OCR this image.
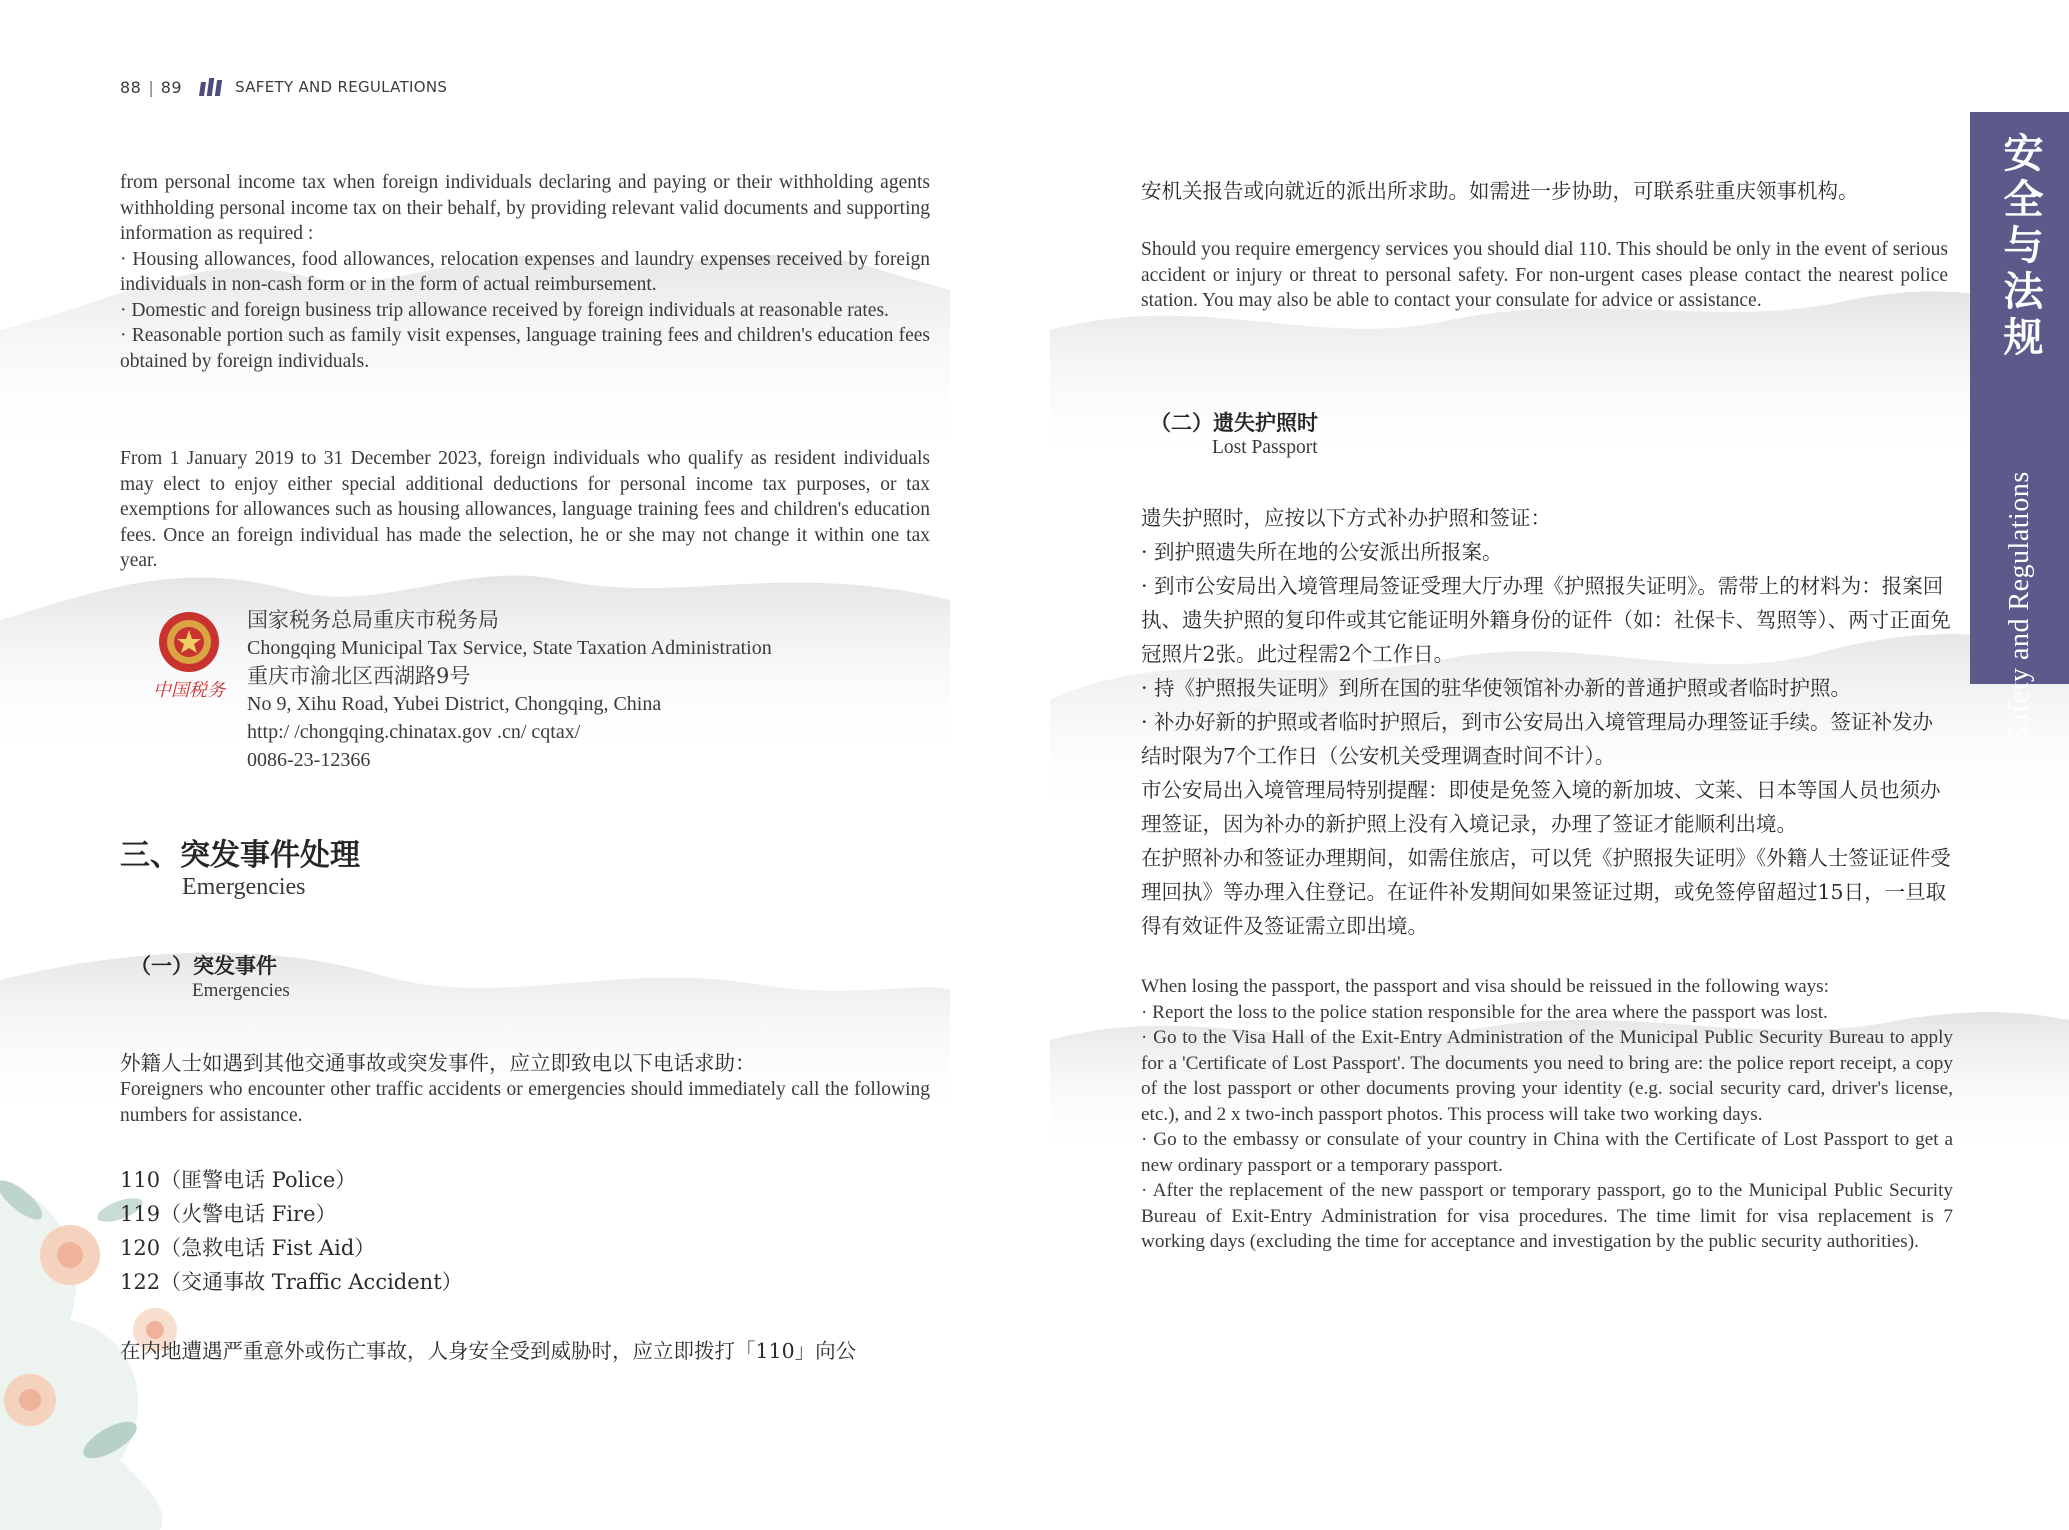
88 | 89	SAFETY AND REGULATIONS

from personal income tax when foreign individuals declaring and paying or their withholding agents withholding personal income tax on their behalf, by providing relevant valid documents and supporting information as required :

· Housing allowances, food allowances, relocation expenses and laundry expenses received by foreign individuals in non-cash form or in the form of actual reimbursement.

· Domestic and foreign business trip allowance received by foreign individuals at reasonable rates.

· Reasonable portion such as family visit expenses, language training fees and children's education fees obtained by foreign individuals.

From 1 January 2019 to 31 December 2023, foreign individuals who qualify as resident individuals may elect to enjoy either special additional deductions for personal income tax purposes, or tax exemptions for allowances such as housing allowances, language training fees and children's education fees. Once an foreign individual has made the selection, he or she may not change it within one tax year.
中国税务
国家税务总局重庆市税务局
Chongqing Municipal Tax Service, State Taxation Administration
重庆市渝北区西湖路9号
No 9, Xihu Road, Yubei District, Chongqing, China
http:/ /chongqing.chinatax.gov .cn/ cqtax/
0086-23-12366
三、突发事件处理
Emergencies
（一）突发事件
Emergencies
外籍人士如遇到其他交通事故或突发事件，应立即致电以下电话求助：
Foreigners who encounter other traffic accidents or emergencies should immediately call the following numbers for assistance.
110（匪警电话 Police）
119（火警电话 Fire）
120（急救电话 Fist Aid）
122（交通事故 Traffic Accident）
在内地遭遇严重意外或伤亡事故，人身安全受到威胁时，应立即拨打「110」向公
安机关报告或向就近的派出所求助。如需进一步协助，可联系驻重庆领事机构。
Should you require emergency services you should dial 110. This should be only in the event of serious accident or injury or threat to personal safety. For non-urgent cases please contact the nearest police station. You may also be able to contact your consulate for advice or assistance.
（二）遗失护照时
Lost Passport

遗失护照时，应按以下方式补办护照和签证：

· 到护照遗失所在地的公安派出所报案。

· 到市公安局出入境管理局签证受理大厅办理《护照报失证明》。需带上的材料为：报案回执、遗失护照的复印件或其它能证明外籍身份的证件（如：社保卡、驾照等）、两寸正面免冠照片2张。此过程需2个工作日。

· 持《护照报失证明》到所在国的驻华使领馆补办新的普通护照或者临时护照。

· 补办好新的护照或者临时护照后，到市公安局出入境管理局办理签证手续。签证补发办结时限为7个工作日（公安机关受理调查时间不计）。

市公安局出入境管理局特别提醒：即使是免签入境的新加坡、文莱、日本等国人员也须办理签证，因为补办的新护照上没有入境记录，办理了签证才能顺利出境。

在护照补办和签证办理期间，如需住旅店，可以凭《护照报失证明》《外籍人士签证证件受理回执》等办理入住登记。在证件补发期间如果签证过期，或免签停留超过15日，一旦取得有效证件及签证需立即出境。

When losing the passport, the passport and visa should be reissued in the following ways:

· Report the loss to the police station responsible for the area where the passport was lost.

· Go to the Visa Hall of the Exit-Entry Administration of the Municipal Public Security Bureau to apply for a 'Certificate of Lost Passport'. The documents you need to bring are: the police report receipt, a copy of the lost passport or other documents proving your identity (e.g. social security card, driver's license, etc.), and 2 x two-inch passport photos. This process will take two working days.

· Go to the embassy or consulate of your country in China with the Certificate of Lost Passport to get a new ordinary passport or a temporary passport.

· After the replacement of the new passport or temporary passport, go to the Municipal Public Security Bureau of Exit-Entry Administration for visa procedures. The time limit for visa replacement is 7 working days (excluding the time for acceptance and investigation by the public security authorities).

安全与法规
Safety and Regulations
